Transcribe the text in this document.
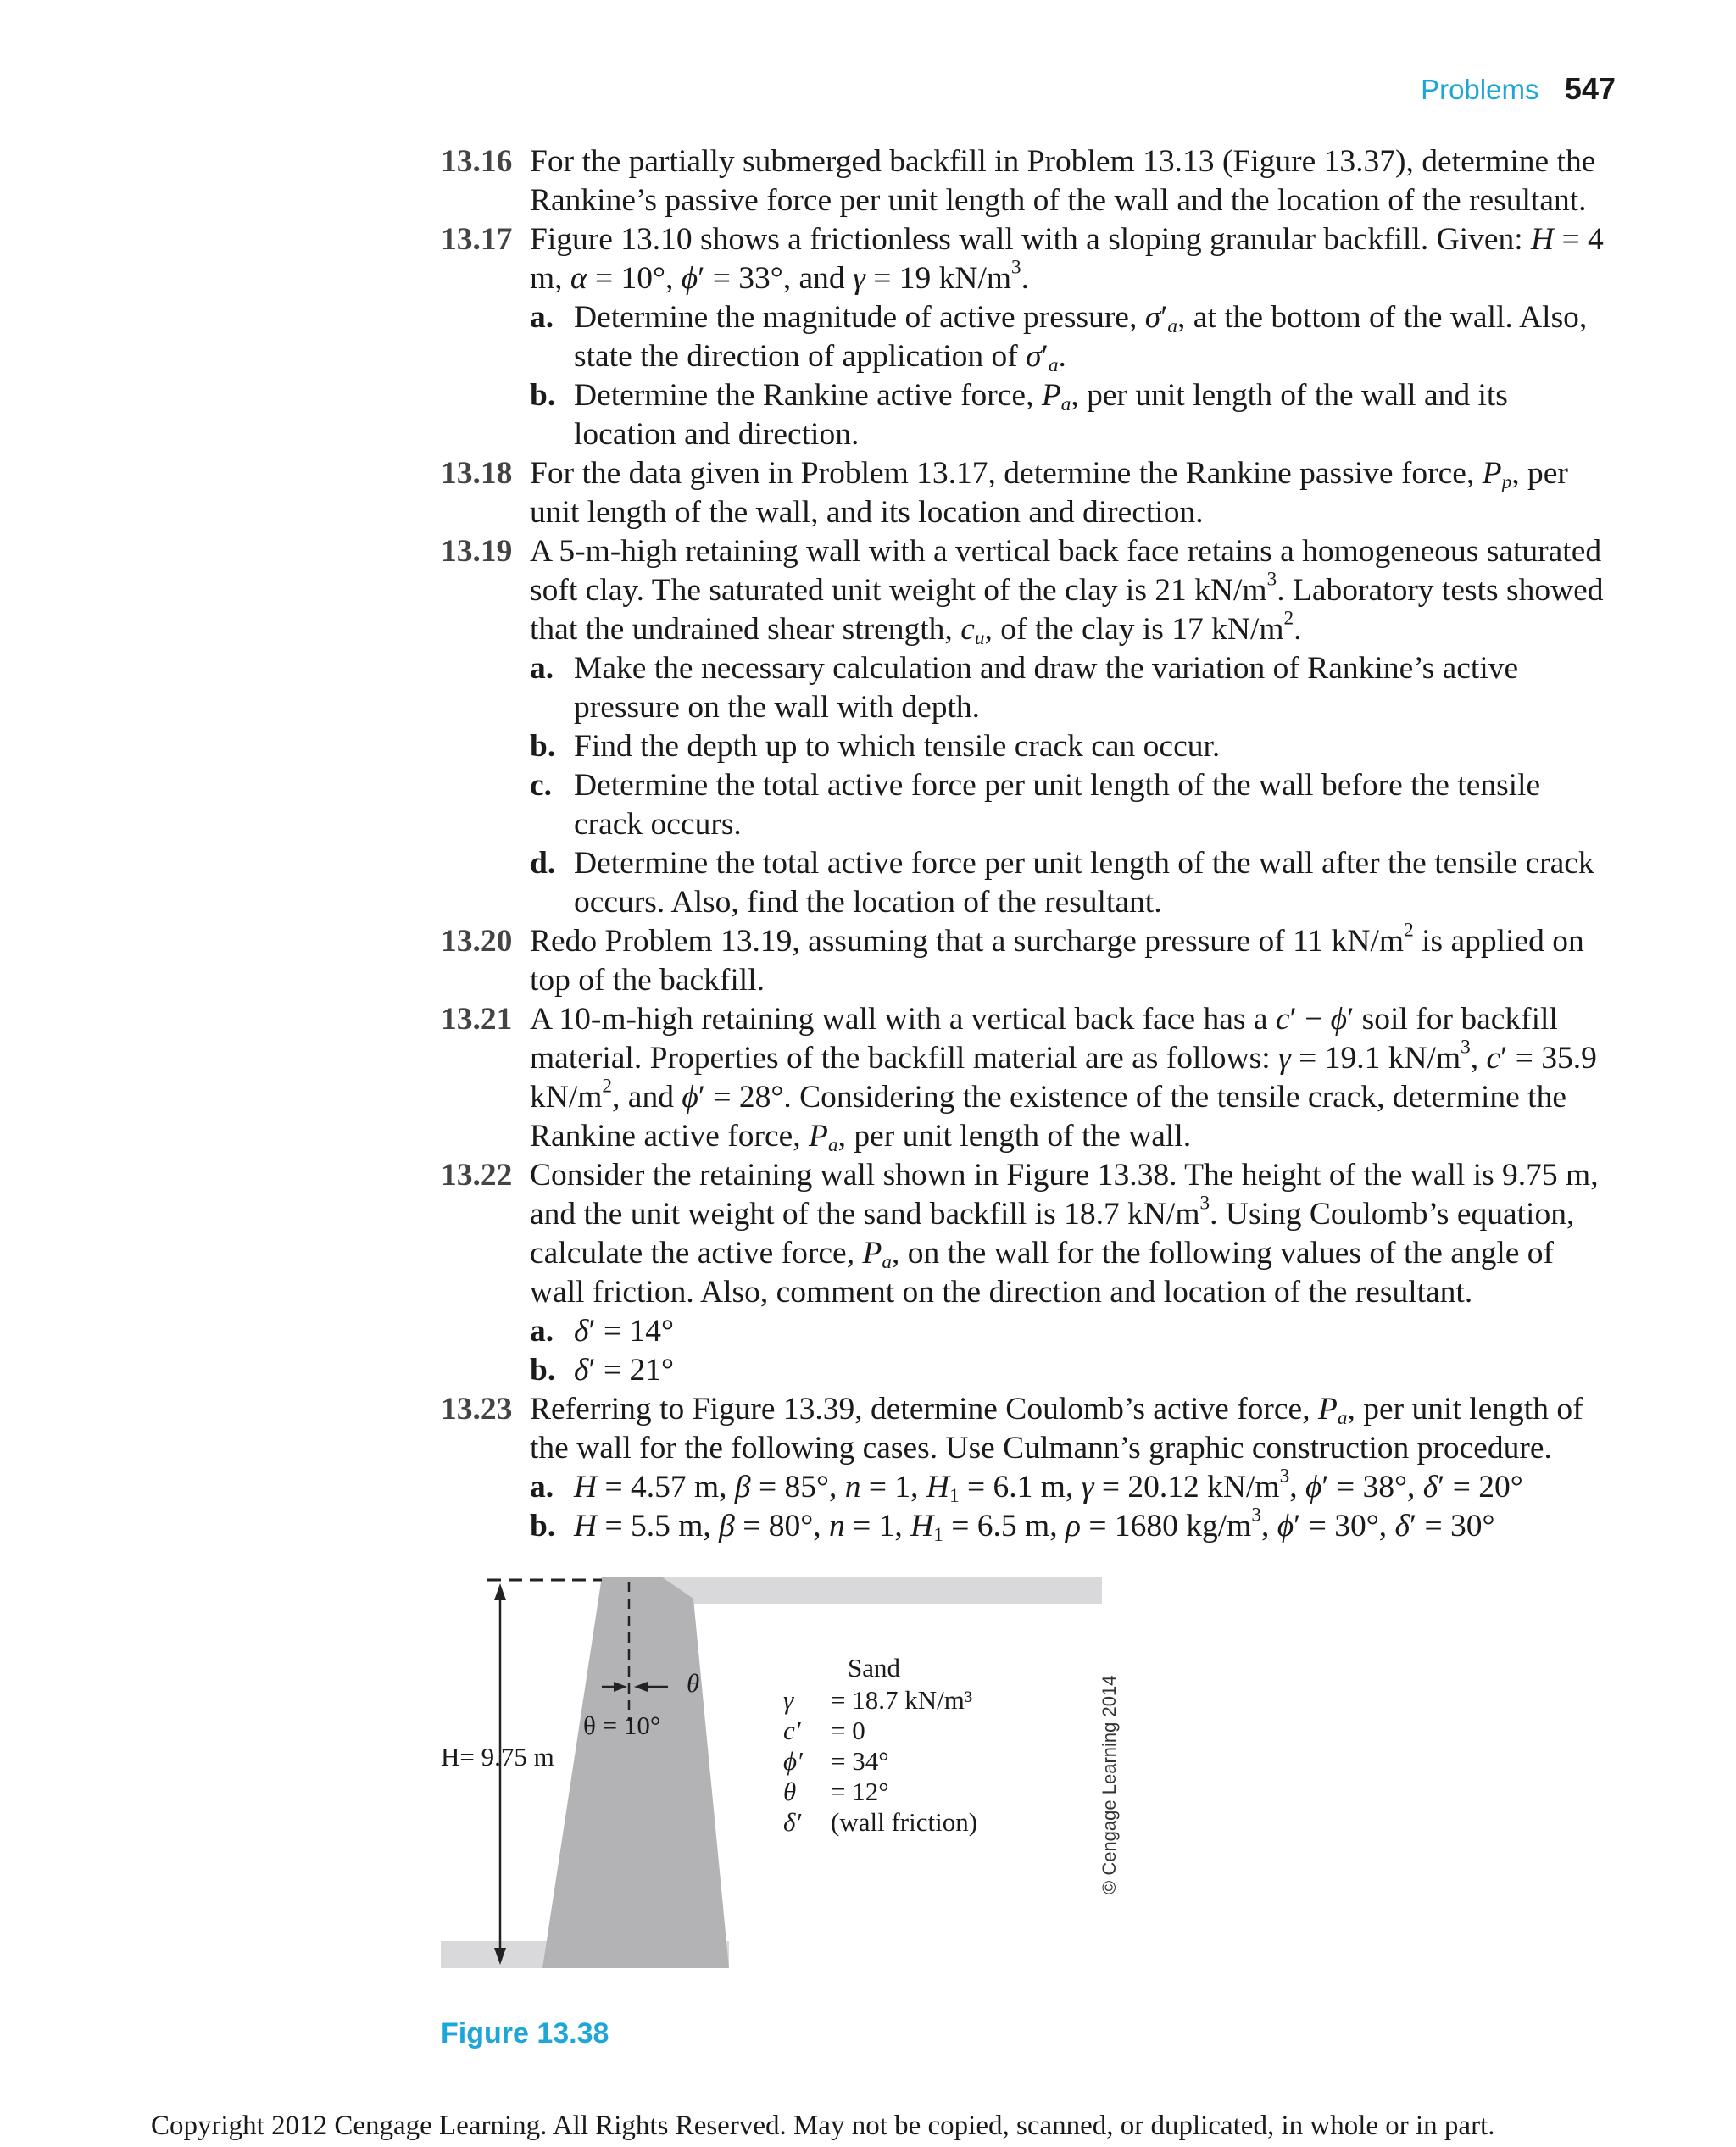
Problems 547
13.16 For the partially submerged backfill in Problem 13.13 (Figure 13.37), determine the Rankine’s passive force per unit length of the wall and the location of the resultant.
13.17 Figure 13.10 shows a frictionless wall with a sloping granular backfill. Given: H = 4 m, α = 10°, ϕ′ = 33°, and γ = 19 $kN/m^3$.
a. Determine the magnitude of active pressure, $\sigma'_a$, at the bottom of the wall. Also, state the direction of application of $\sigma'_a$.
b. Determine the Rankine active force, $P_a$, per unit length of the wall and its location and direction.
13.18 For the data given in Problem 13.17, determine the Rankine passive force, $P_p$, per unit length of the wall, and its location and direction.
13.19 A 5-m-high retaining wall with a vertical back face retains a homogeneous saturated soft clay. The saturated unit weight of the clay is 21 $kN/m^3$. Laboratory tests showed that the undrained shear strength, $c_u$, of the clay is 17 $kN/m^2$.
a. Make the necessary calculation and draw the variation of Rankine’s active pressure on the wall with depth.
b. Find the depth up to which tensile crack can occur.
c. Determine the total active force per unit length of the wall before the tensile crack occurs.
d. Determine the total active force per unit length of the wall after the tensile crack occurs. Also, find the location of the resultant.
13.20 Redo Problem 13.19, assuming that a surcharge pressure of 11 $kN/m^2$ is applied on top of the backfill.
13.21 A 10-m-high retaining wall with a vertical back face has a c′ − ϕ′ soil for backfill material. Properties of the backfill material are as follows: γ = 19.1 $kN/m^3$, c′ = 35.9 $kN/m^2$, and ϕ′ = 28°. Considering the existence of the tensile crack, determine the Rankine active force, $P_a$, per unit length of the wall.
13.22 Consider the retaining wall shown in Figure 13.38. The height of the wall is 9.75 m, and the unit weight of the sand backfill is 18.7 $kN/m^3$. Using Coulomb’s equation, calculate the active force, $P_a$, on the wall for the following values of the angle of wall friction. Also, comment on the direction and location of the resultant.
a. δ′ = 14°
b. δ′ = 21°
13.23 Referring to Figure 13.39, determine Coulomb’s active force, $P_a$, per unit length of the wall for the following cases. Use Culmann’s graphic construction procedure.
a. H = 4.57 m, β = 85°, n = 1, $H_1 = 6.1$ m, γ = 20.12 $kN/m^3$, ϕ′ = 38°, δ′ = 20°
b. H = 5.5 m, β = 80°, n = 1, $H_1 = 6.5$ m, ρ = 1680 $kg/m^3$, ϕ′ = 30°, δ′ = 30°
H= 9.75 m
θ = 10°
θ
Sand
γ	= 18.7 kN/m³
c′	= 0
ϕ′	= 34°
θ	= 12°
δ′	(wall friction)	© Cengage Learning 2014
Figure 13.38
Copyright 2012 Cengage Learning. All Rights Reserved. May not be copied, scanned, or duplicated, in whole or in part.
